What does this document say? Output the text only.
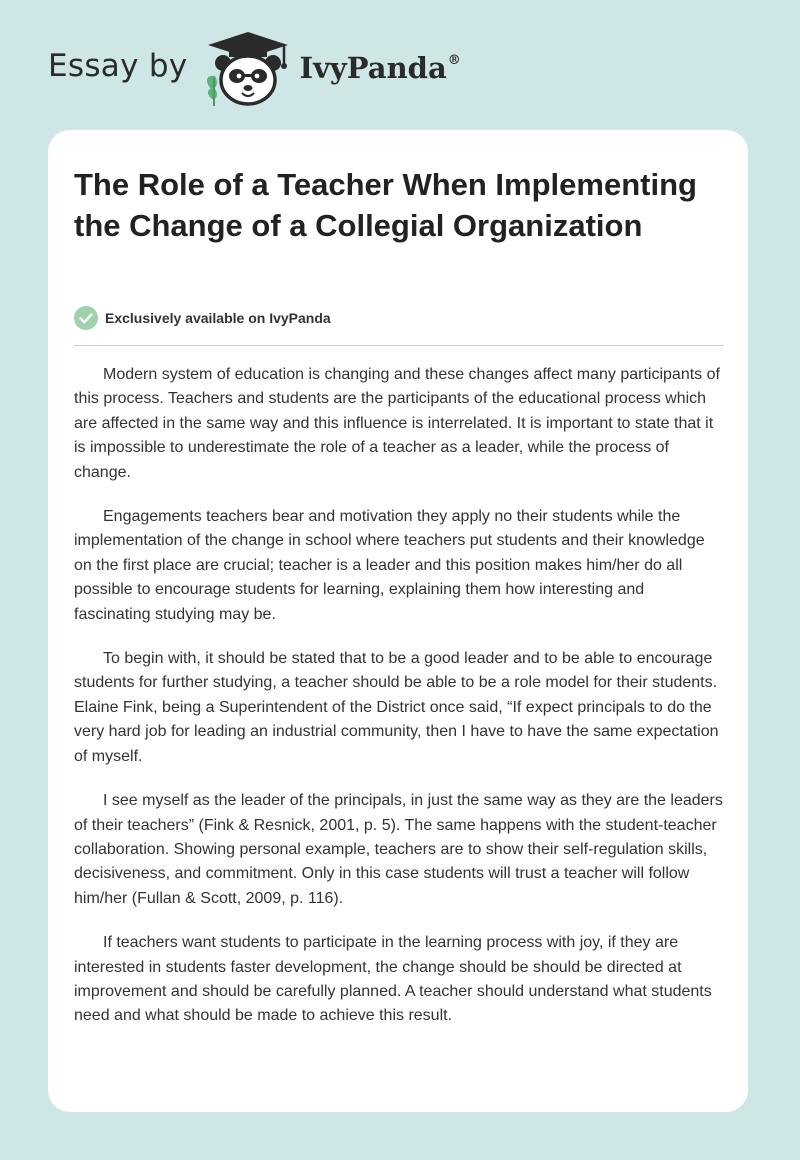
Essay by	IvyPanda®
The Role of a Teacher When Implementing the Change of a Collegial Organization
Exclusively available on IvyPanda

Modern system of education is changing and these changes affect many participants of this process. Teachers and students are the participants of the educational process which are affected in the same way and this influence is interrelated. It is important to state that it is impossible to underestimate the role of a teacher as a leader, while the process of change.

Engagements teachers bear and motivation they apply no their students while the implementation of the change in school where teachers put students and their knowledge on the first place are crucial; teacher is a leader and this position makes him/her do all possible to encourage students for learning, explaining them how interesting and fascinating studying may be.

To begin with, it should be stated that to be a good leader and to be able to encourage students for further studying, a teacher should be able to be a role model for their students. Elaine Fink, being a Superintendent of the District once said, “If expect principals to do the very hard job for leading an industrial community, then I have to have the same expectation of myself.

I see myself as the leader of the principals, in just the same way as they are the leaders of their teachers” (Fink & Resnick, 2001, p. 5). The same happens with the student-teacher collaboration. Showing personal example, teachers are to show their self-regulation skills, decisiveness, and commitment. Only in this case students will trust a teacher will follow him/her (Fullan & Scott, 2009, p. 116).

If teachers want students to participate in the learning process with joy, if they are interested in students faster development, the change should be should be directed at improvement and should be carefully planned. A teacher should understand what students need and what should be made to achieve this result.
